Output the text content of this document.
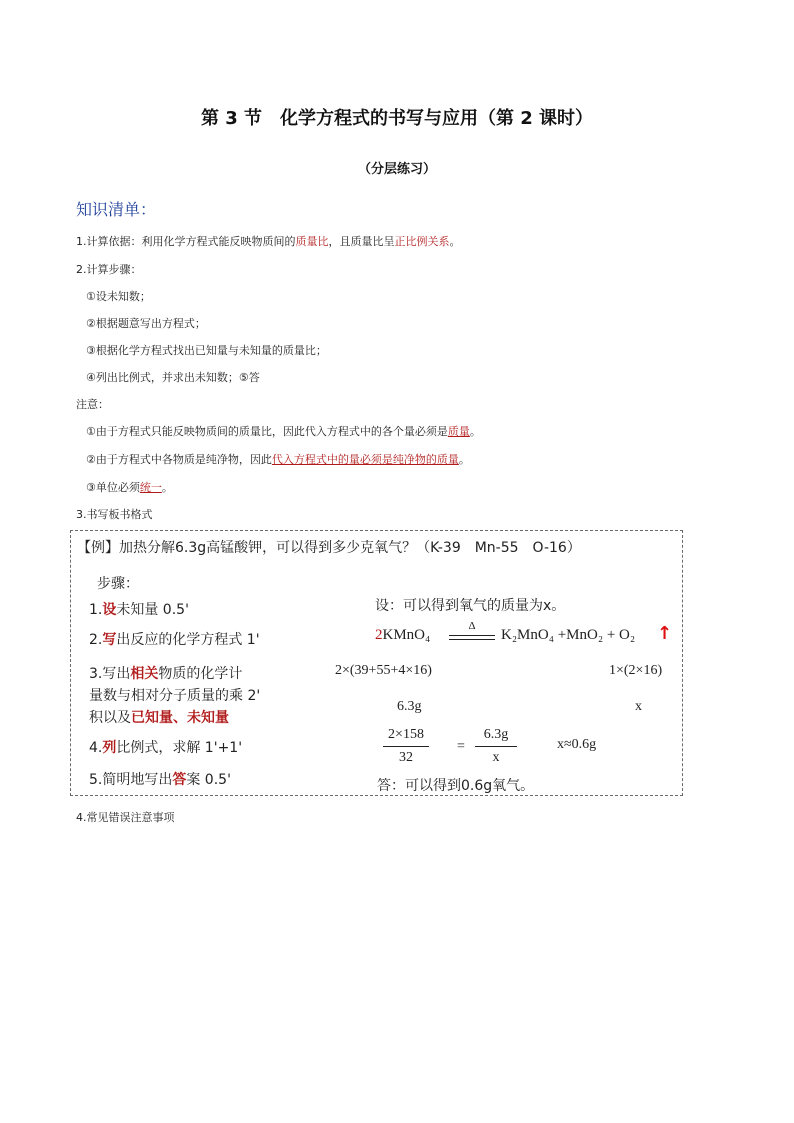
第 3 节　化学方程式的书写与应用（第 2 课时）
（分层练习）
知识清单：
1.计算依据：利用化学方程式能反映物质间的质量比，且质量比呈正比例关系。
2.计算步骤：
①设未知数；
②根据题意写出方程式；
③根据化学方程式找出已知量与未知量的质量比；
④列出比例式，并求出未知数；⑤答
注意：
①由于方程式只能反映物质间的质量比，因此代入方程式中的各个量必须是质量。
②由于方程式中各物质是纯净物，因此代入方程式中的量必须是纯净物的质量。
③单位必须统一。
3.书写板书格式
【例】加热分解6.3g高锰酸钾，可以得到多少克氧气？（K-39　Mn-55　O-16）
步骤：
1.设未知量 0.5'
2.写出反应的化学方程式 1'
3.写出相关物质的化学计
量数与相对分子质量的乘 2'
积以及已知量、未知量
4.列比例式，求解 1'+1'
5.简明地写出答案 0.5'
设：可以得到氧气的质量为x。
2KMnO₄
Δ
K₂MnO₄ +MnO₂ + O₂ ↑
2×(39+55+4×16)	1×(2×16)
6.3g	x
2×158
32
=
6.3g
x
x≈0.6g
答：可以得到0.6g氧气。
4.常见错误注意事项
